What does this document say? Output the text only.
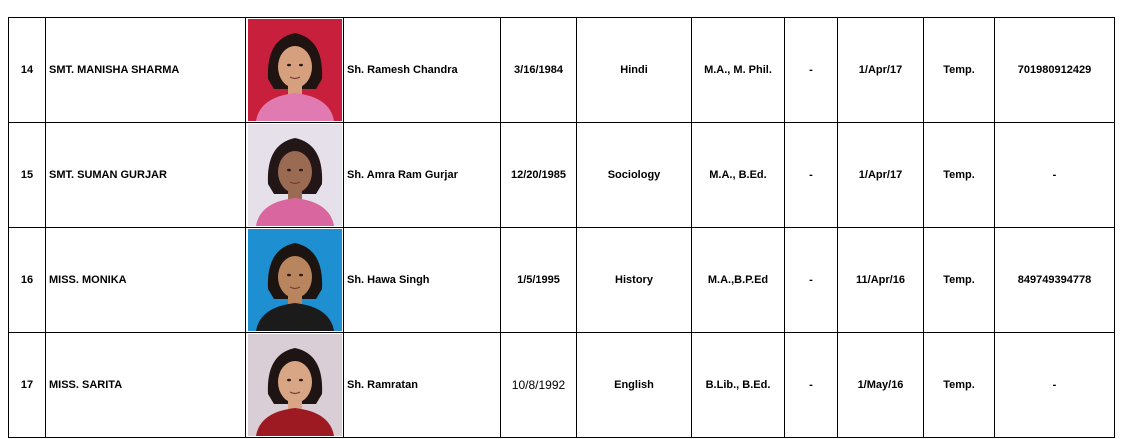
14	SMT. MANISHA SHARMA		Sh. Ramesh Chandra	3/16/1984	Hindi	M.A., M. Phil.	-	1/Apr/17	Temp.	701980912429
15	SMT. SUMAN GURJAR		Sh. Amra Ram Gurjar	12/20/1985	Sociology	M.A., B.Ed.	-	1/Apr/17	Temp.	-
16	MISS. MONIKA		Sh. Hawa Singh	1/5/1995	History	M.A.,B.P.Ed	-	11/Apr/16	Temp.	849749394778
17	MISS. SARITA		Sh. Ramratan	10/8/1992	English	B.Lib., B.Ed.	-	1/May/16	Temp.	-
